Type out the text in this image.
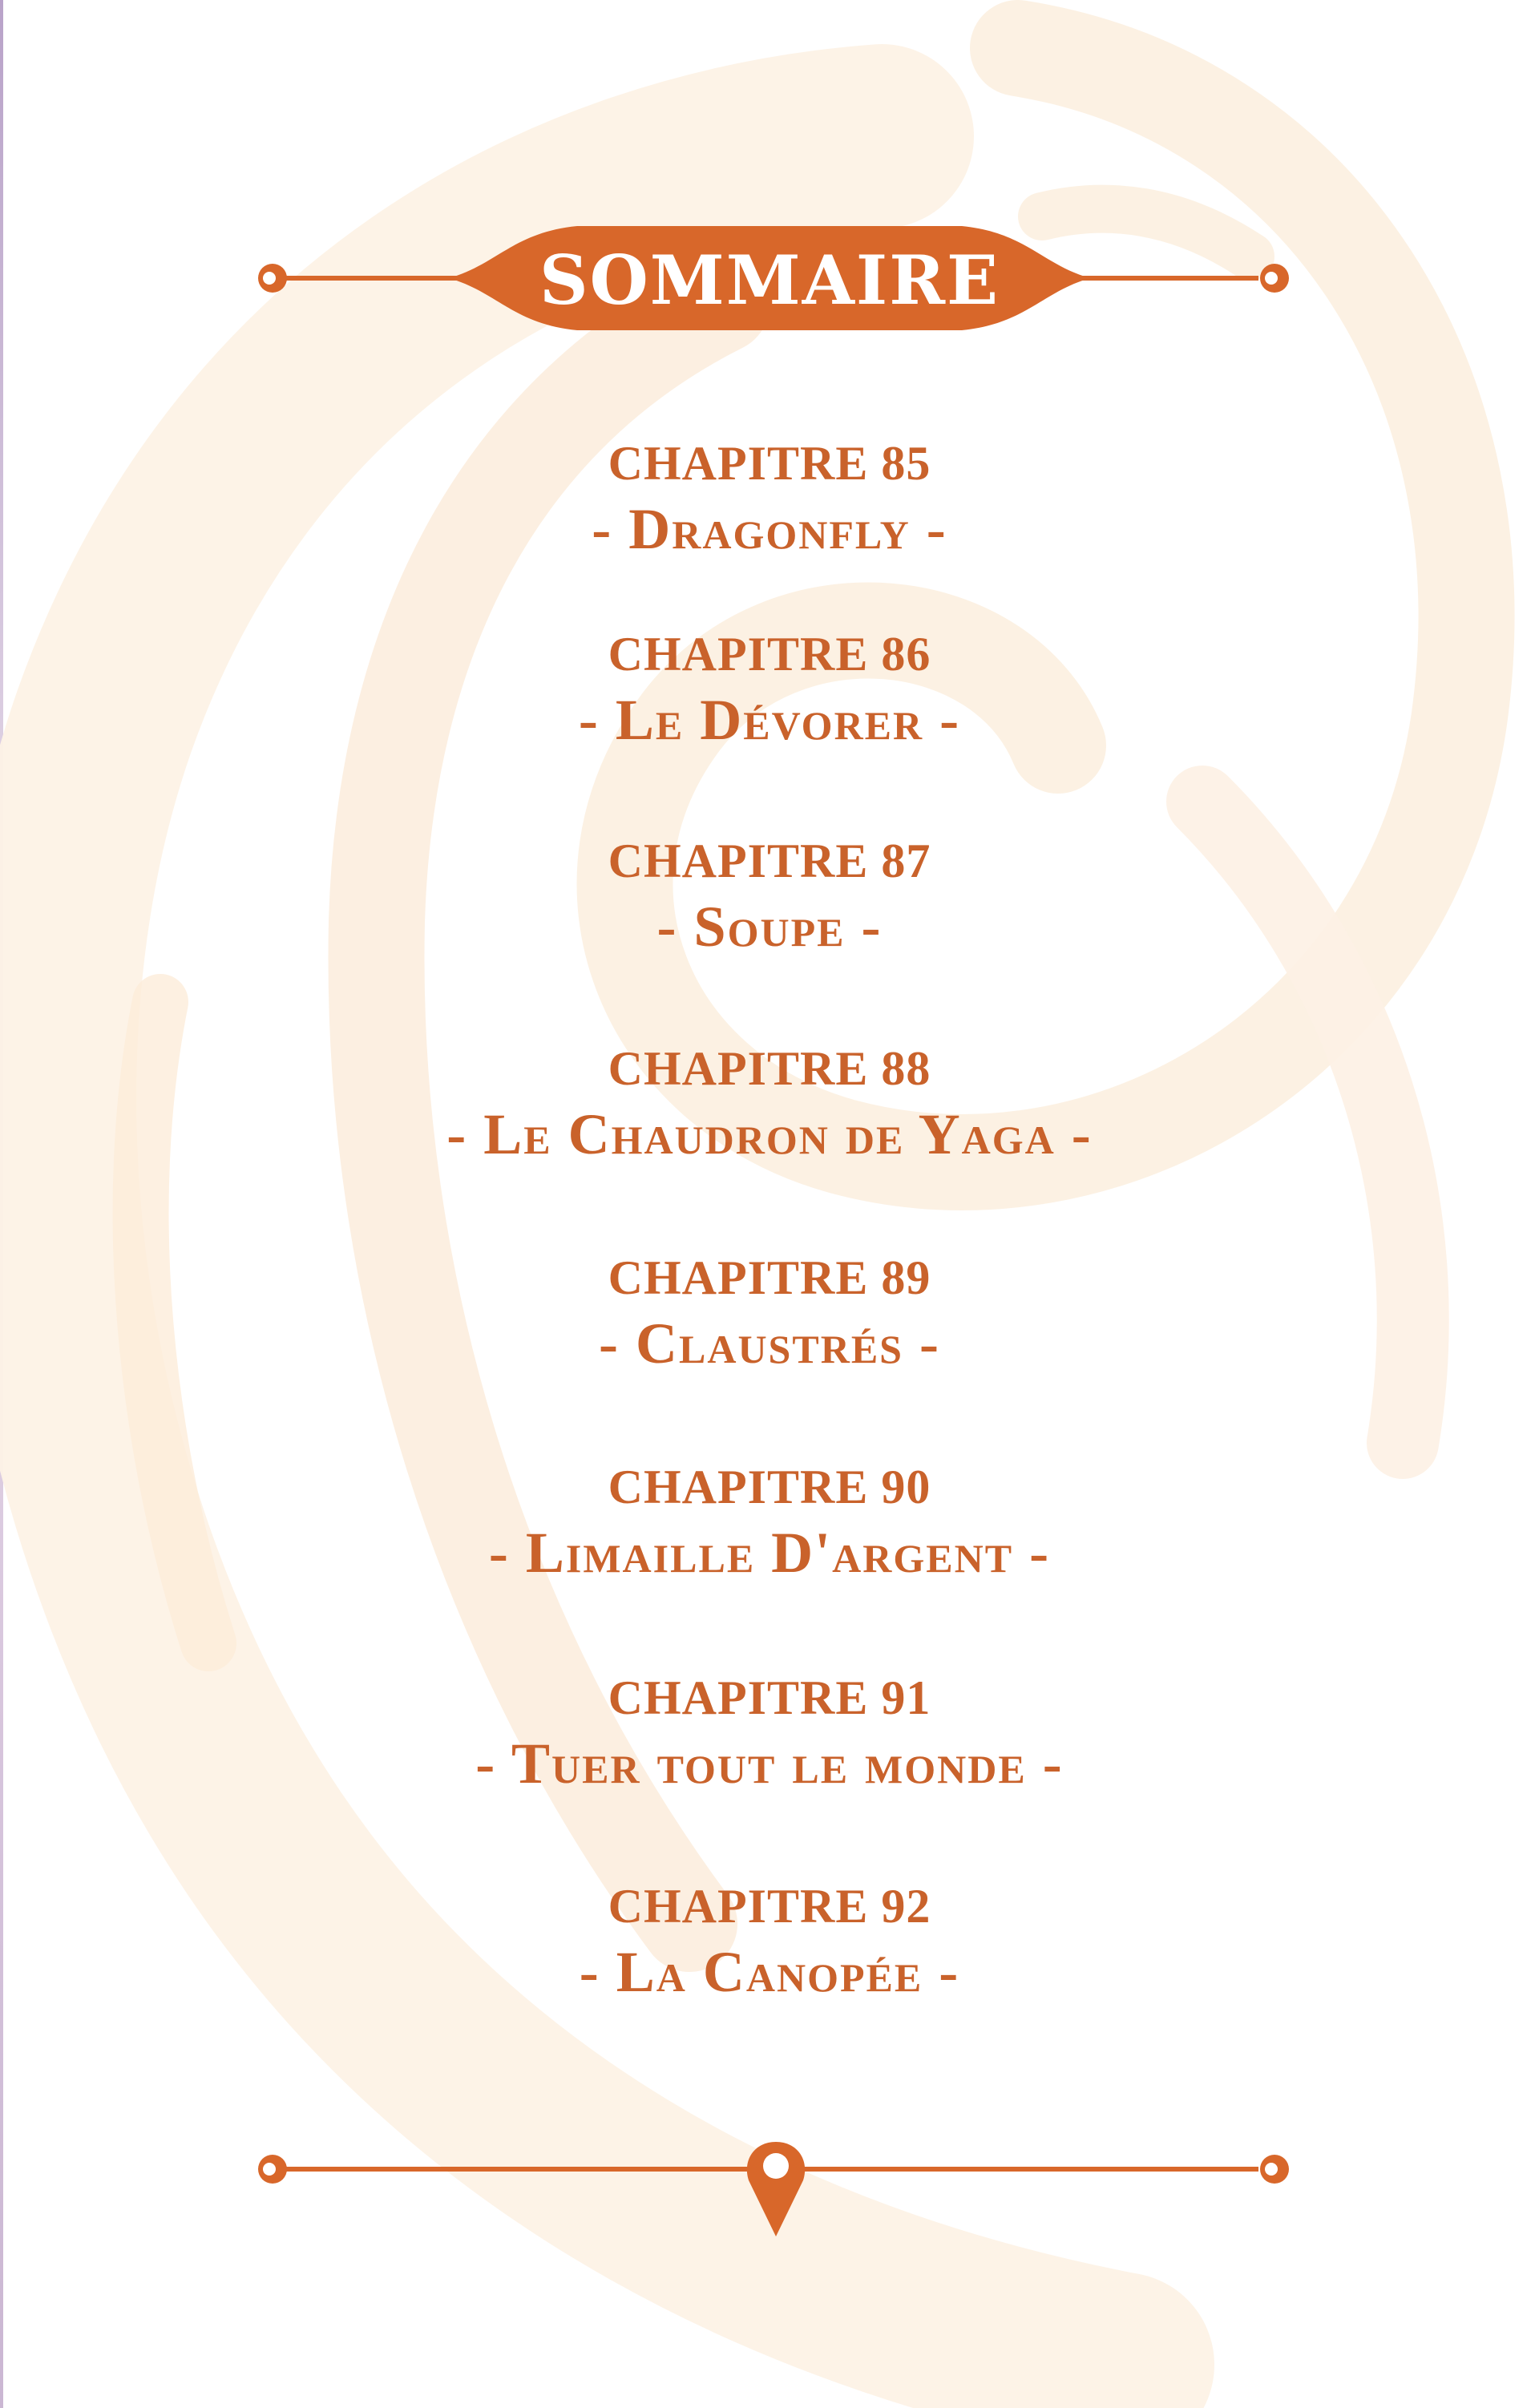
SOMMAIRE
CHAPITRE 85
- Dragonfly -
CHAPITRE 86
- Le Dévorer -
CHAPITRE 87
- Soupe -
CHAPITRE 88
- Le Chaudron de Yaga -
CHAPITRE 89
- Claustrés -
CHAPITRE 90
- Limaille D'argent -
CHAPITRE 91
- Tuer tout le monde -
CHAPITRE 92
- La Canopée -
